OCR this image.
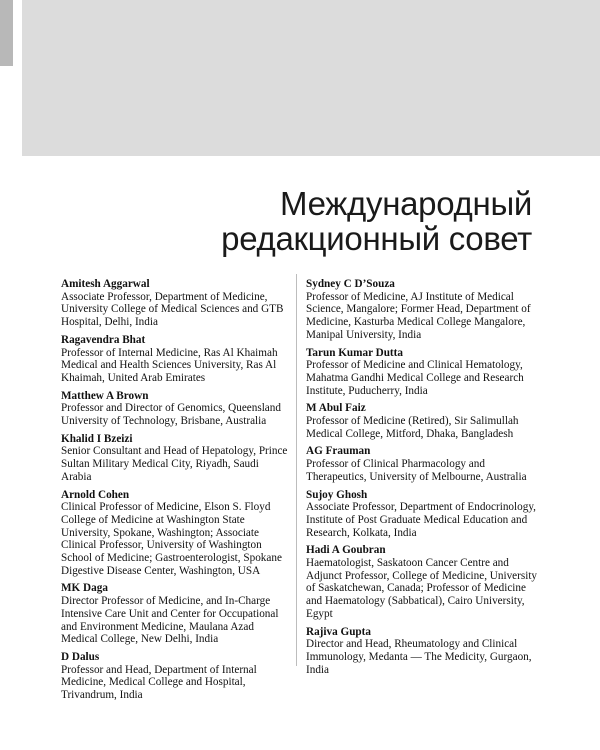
Международный
редакционный совет
Amitesh Aggarwal
Associate Professor, Department of Medicine, University College of Medical Sciences and GTB Hospital, Delhi, India
Ragavendra Bhat
Professor of Internal Medicine, Ras Al Khaimah Medical and Health Sciences University, Ras Al Khaimah, United Arab Emirates
Matthew A Brown
Professor and Director of Genomics, Queensland University of Technology, Brisbane, Australia
Khalid I Bzeizi
Senior Consultant and Head of Hepatology, Prince Sultan Military Medical City, Riyadh, Saudi Arabia
Arnold Cohen
Clinical Professor of Medicine, Elson S. Floyd College of Medicine at Washington State University, Spokane, Washington; Associate Clinical Professor, University of Washington School of Medicine; Gastroenterologist, Spokane Digestive Disease Center, Washington, USA
MK Daga
Director Professor of Medicine, and In-Charge Intensive Care Unit and Center for Occupational and Environment Medicine, Maulana Azad Medical College, New Delhi, India
D Dalus
Professor and Head, Department of Internal Medicine, Medical College and Hospital, Trivandrum, India
Sydney C D’Souza
Professor of Medicine, AJ Institute of Medical Science, Mangalore; Former Head, Department of Medicine, Kasturba Medical College Mangalore, Manipal University, India
Tarun Kumar Dutta
Professor of Medicine and Clinical Hematology, Mahatma Gandhi Medical College and Research Institute, Puducherry, India
M Abul Faiz
Professor of Medicine (Retired), Sir Salimullah Medical College, Mitford, Dhaka, Bangladesh
AG Frauman
Professor of Clinical Pharmacology and Therapeutics, University of Melbourne, Australia
Sujoy Ghosh
Associate Professor, Department of Endocrinology, Institute of Post Graduate Medical Education and Research, Kolkata, India
Hadi A Goubran
Haematologist, Saskatoon Cancer Centre and Adjunct Professor, College of Medicine, University of Saskatchewan, Canada; Professor of Medicine and Haematology (Sabbatical), Cairo University, Egypt
Rajiva Gupta
Director and Head, Rheumatology and Clinical Immunology, Medanta — The Medicity, Gurgaon, India
